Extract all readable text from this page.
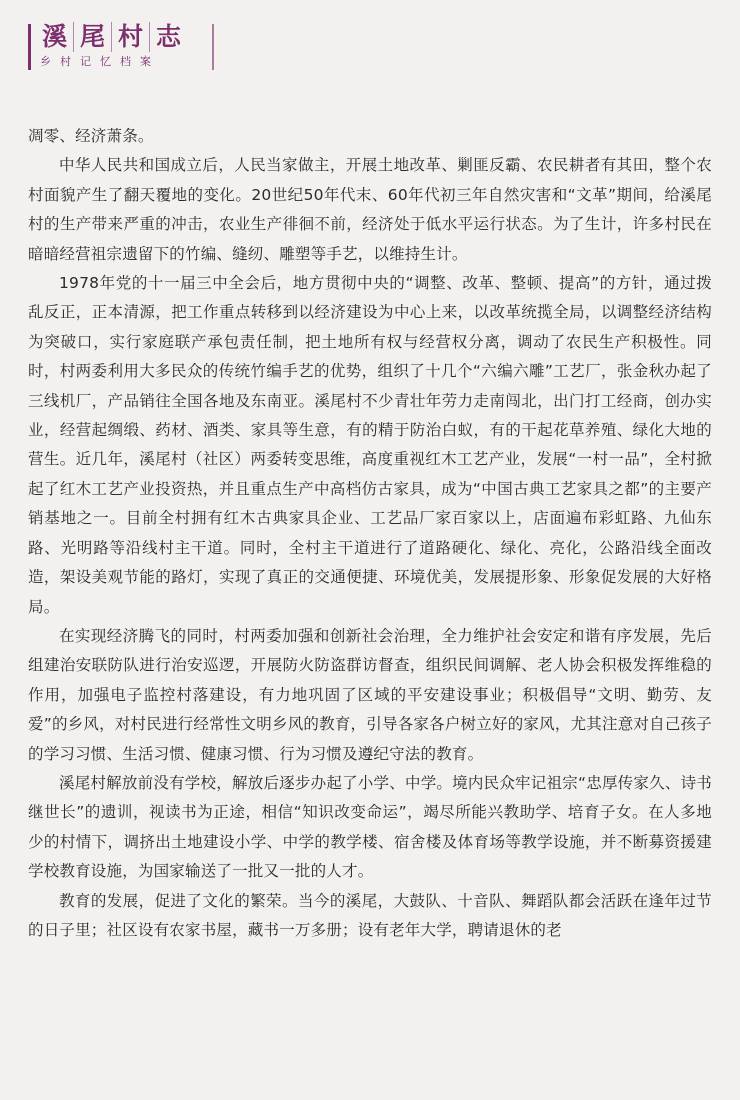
溪 尾 村 志
乡村记忆档案

凋零、经济萧条。

中华人民共和国成立后，人民当家做主，开展土地改革、剿匪反霸、农民耕者有其田，整个农村面貌产生了翻天覆地的变化。20世纪50年代末、60年代初三年自然灾害和“文革”期间，给溪尾村的生产带来严重的冲击，农业生产徘徊不前，经济处于低水平运行状态。为了生计，许多村民在暗暗经营祖宗遗留下的竹编、缝纫、雕塑等手艺，以维持生计。

1978年党的十一届三中全会后，地方贯彻中央的“调整、改革、整顿、提高”的方针，通过拨乱反正，正本清源，把工作重点转移到以经济建设为中心上来，以改革统揽全局，以调整经济结构为突破口，实行家庭联产承包责任制，把土地所有权与经营权分离，调动了农民生产积极性。同时，村两委利用大多民众的传统竹编手艺的优势，组织了十几个“六编六雕”工艺厂，张金秋办起了三线机厂，产品销往全国各地及东南亚。溪尾村不少青壮年劳力走南闯北，出门打工经商，创办实业，经营起绸缎、药材、酒类、家具等生意，有的精于防治白蚁，有的干起花草养殖、绿化大地的营生。近几年，溪尾村（社区）两委转变思维，高度重视红木工艺产业，发展“一村一品”，全村掀起了红木工艺产业投资热，并且重点生产中高档仿古家具，成为“中国古典工艺家具之都”的主要产销基地之一。目前全村拥有红木古典家具企业、工艺品厂家百家以上，店面遍布彩虹路、九仙东路、光明路等沿线村主干道。同时，全村主干道进行了道路硬化、绿化、亮化，公路沿线全面改造，架设美观节能的路灯，实现了真正的交通便捷、环境优美，发展提形象、形象促发展的大好格局。

在实现经济腾飞的同时，村两委加强和创新社会治理，全力维护社会安定和谐有序发展，先后组建治安联防队进行治安巡逻，开展防火防盗群访督查，组织民间调解、老人协会积极发挥维稳的作用，加强电子监控村落建设，有力地巩固了区域的平安建设事业；积极倡导“文明、勤劳、友爱”的乡风，对村民进行经常性文明乡风的教育，引导各家各户树立好的家风，尤其注意对自己孩子的学习习惯、生活习惯、健康习惯、行为习惯及遵纪守法的教育。

溪尾村解放前没有学校，解放后逐步办起了小学、中学。境内民众牢记祖宗“忠厚传家久、诗书继世长”的遗训，视读书为正途，相信“知识改变命运”，竭尽所能兴教助学、培育子女。在人多地少的村情下，调挤出土地建设小学、中学的教学楼、宿舍楼及体育场等教学设施，并不断募资援建学校教育设施，为国家输送了一批又一批的人才。

教育的发展，促进了文化的繁荣。当今的溪尾，大鼓队、十音队、舞蹈队都会活跃在逢年过节的日子里；社区设有农家书屋，藏书一万多册；设有老年大学，聘请退休的老
